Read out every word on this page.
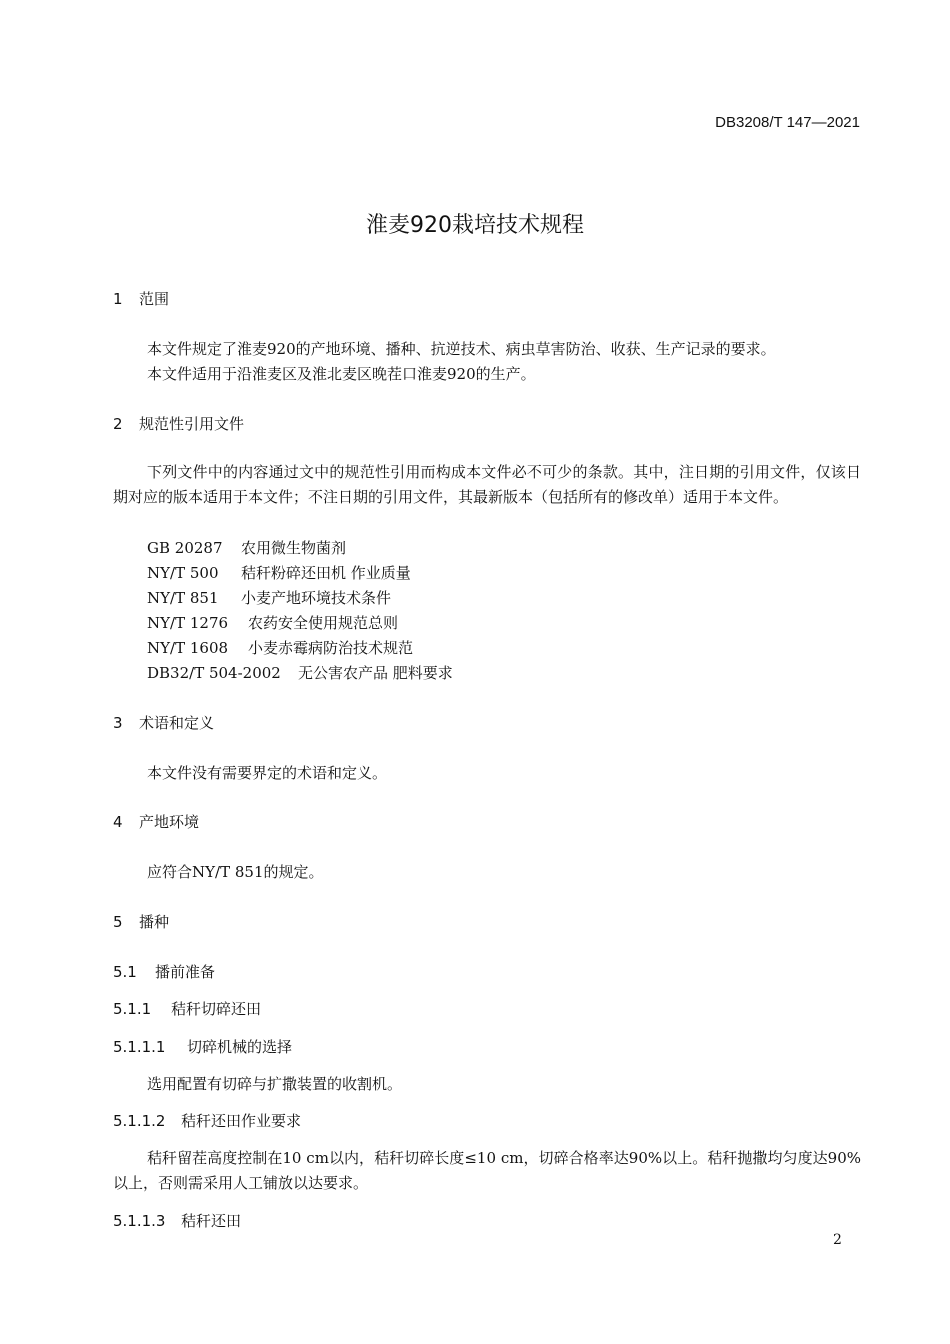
DB3208/T 147—2021
淮麦920栽培技术规程
1 范围
本文件规定了淮麦920的产地环境、播种、抗逆技术、病虫草害防治、收获、生产记录的要求。
本文件适用于沿淮麦区及淮北麦区晚茬口淮麦920的生产。
2 规范性引用文件
下列文件中的内容通过文中的规范性引用而构成本文件必不可少的条款。其中，注日期的引用文件，仅该日期对应的版本适用于本文件；不注日期的引用文件，其最新版本（包括所有的修改单）适用于本文件。
GB 20287 农用微生物菌剂
NY/T 500 秸秆粉碎还田机 作业质量
NY/T 851 小麦产地环境技术条件
NY/T 1276 农药安全使用规范总则
NY/T 1608 小麦赤霉病防治技术规范
DB32/T 504-2002 无公害农产品 肥料要求
3 术语和定义
本文件没有需要界定的术语和定义。
4 产地环境
应符合NY/T 851的规定。
5 播种
5.1 播前准备
5.1.1 秸秆切碎还田
5.1.1.1 切碎机械的选择
选用配置有切碎与扩撒装置的收割机。
5.1.1.2 秸秆还田作业要求
秸秆留茬高度控制在10 cm以内，秸秆切碎长度≤10 cm，切碎合格率达90%以上。秸秆抛撒均匀度达90%以上，否则需采用人工铺放以达要求。
5.1.1.3 秸秆还田
2
